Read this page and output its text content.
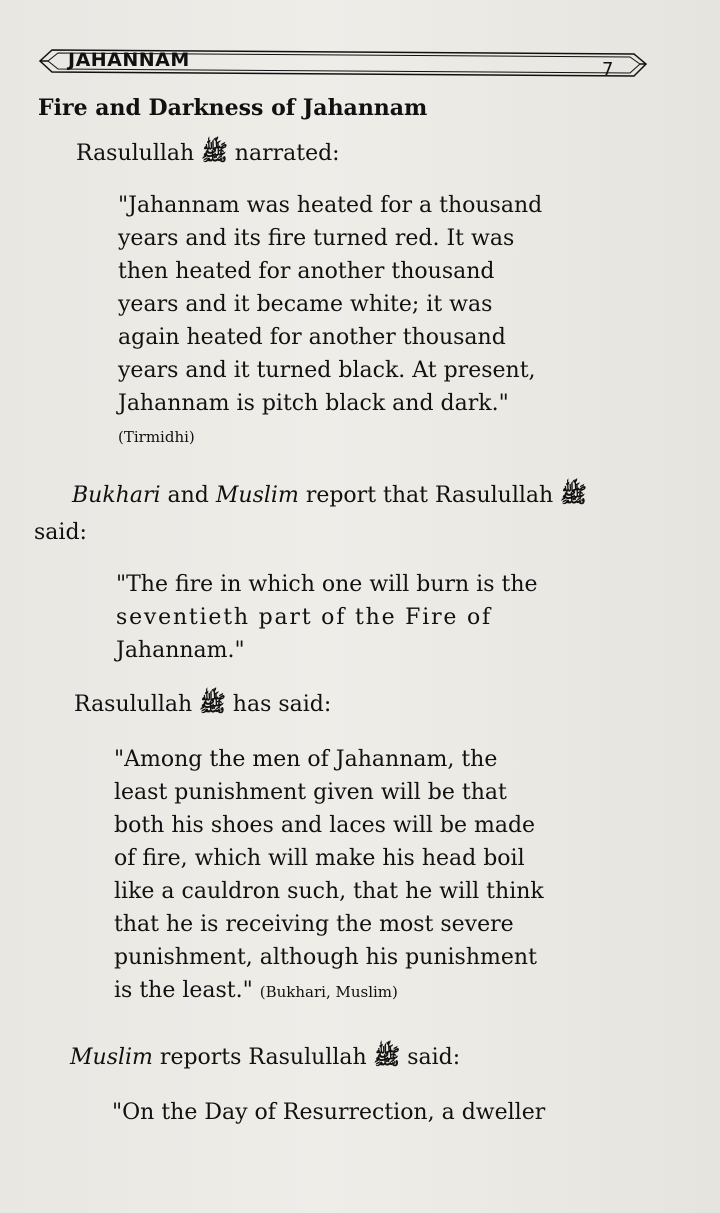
JAHANNAM	7
Fire and Darkness of Jahannam
Rasulullah ﷺ narrated:
"Jahannam was heated for a thousand
years and its fire turned red. It was
then heated for another thousand
years and it became white; it was
again heated for another thousand
years and it turned black. At present,
Jahannam is pitch black and dark."
(Tirmidhi)
Bukhari and Muslim report that Rasulullah ﷺ
said:
"The fire in which one will burn is the
seventieth part of the Fire of
Jahannam."
Rasulullah ﷺ has said:
"Among the men of Jahannam, the
least punishment given will be that
both his shoes and laces will be made
of fire, which will make his head boil
like a cauldron such, that he will think
that he is receiving the most severe
punishment, although his punishment
is the least." (Bukhari, Muslim)
Muslim reports Rasulullah ﷺ said:
"On the Day of Resurrection, a dweller
